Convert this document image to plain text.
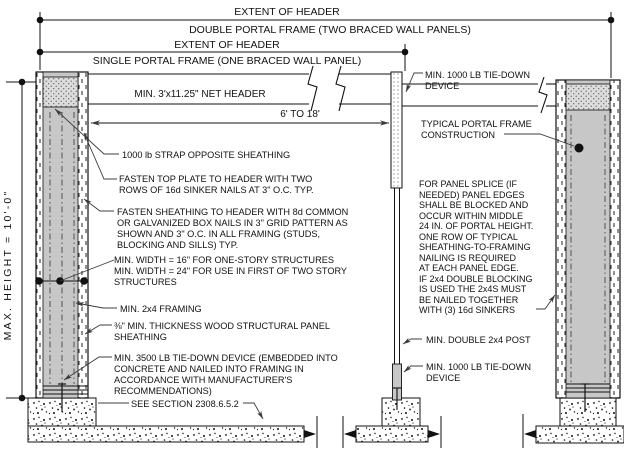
EXTENT OF HEADER
DOUBLE PORTAL FRAME (TWO BRACED WALL PANELS)
EXTENT OF HEADER
SINGLE PORTAL FRAME (ONE BRACED WALL PANEL)
MAX. HEIGHT = 10'-0"
MIN. 3'x11.25" NET HEADER
6' TO 18'
1000 lb STRAP OPPOSITE SHEATHING
FASTEN TOP PLATE TO HEADER WITH TWO
ROWS OF 16d SINKER NAILS AT 3" O.C. TYP.
FASTEN SHEATHING TO HEADER WITH 8d COMMON
OR GALVANIZED BOX NAILS IN 3" GRID PATTERN AS
SHOWN AND 3" O.C. IN ALL FRAMING (STUDS,
BLOCKING AND SILLS) TYP.
MIN. WIDTH = 16" FOR ONE-STORY STRUCTURES
MIN. WIDTH = 24" FOR USE IN FIRST OF TWO STORY
STRUCTURES
MIN. 2x4 FRAMING
⅜" MIN. THICKNESS WOOD STRUCTURAL PANEL
SHEATHING
MIN. 3500 LB TIE-DOWN DEVICE (EMBEDDED INTO
CONCRETE AND NAILED INTO FRAMING IN
ACCORDANCE WITH MANUFACTURER'S
RECOMMENDATIONS)
SEE SECTION 2308.6.5.2
MIN. 1000 LB TIE-DOWN
DEVICE
TYPICAL PORTAL FRAME
CONSTRUCTION
FOR PANEL SPLICE (IF
NEEDED) PANEL EDGES
SHALL BE BLOCKED AND
OCCUR WITHIN MIDDLE
24 IN. OF PORTAL HEIGHT.
ONE ROW OF TYPICAL
SHEATHING-TO-FRAMING
NAILING IS REQUIRED
AT EACH PANEL EDGE.
IF 2x4 DOUBLE BLOCKING
IS USED THE 2x4S MUST
BE NAILED TOGETHER
WITH (3) 16d SINKERS
MIN. DOUBLE 2x4 POST
MIN. 1000 LB TIE-DOWN
DEVICE
